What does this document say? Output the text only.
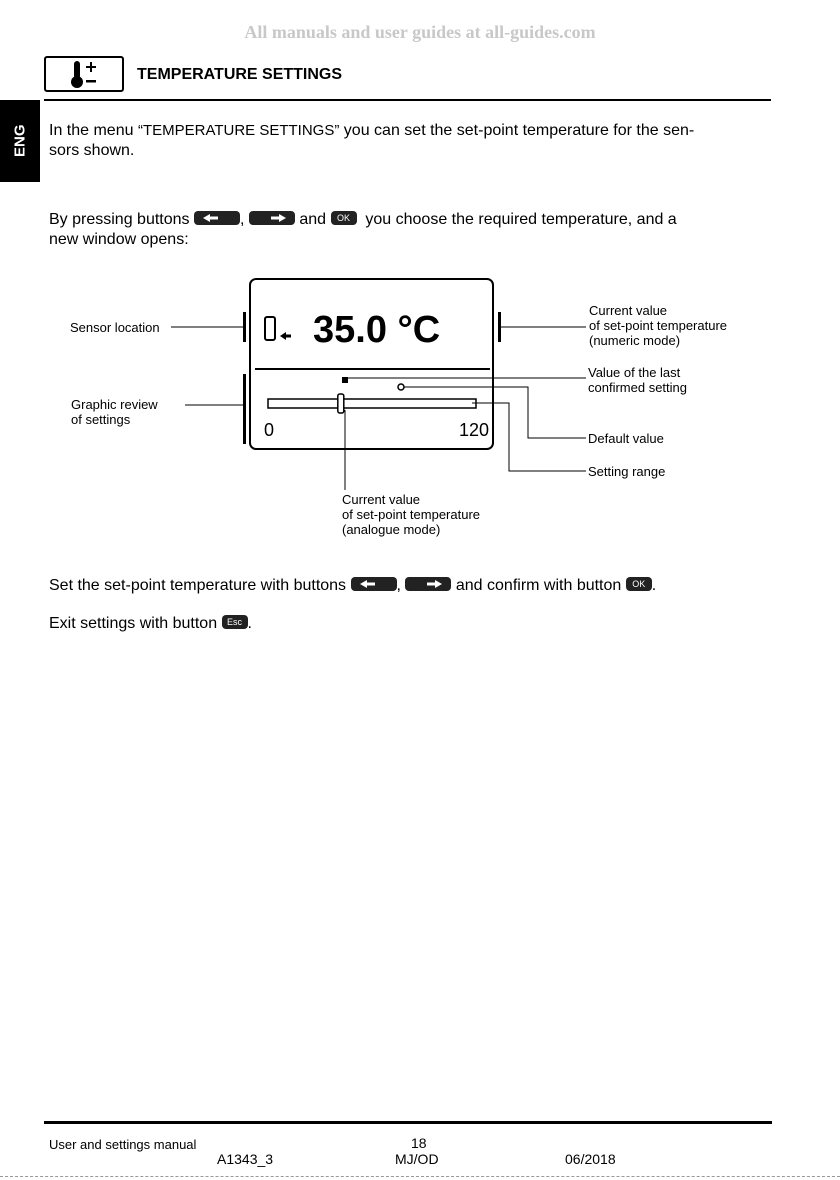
All manuals and user guides at all-guides.com
TEMPERATURE SETTINGS
ENG	In the menu “TEMPERATURE SETTINGS” you can set the set-point temperature for the sen-
sors shown.
By pressing buttons	,	and OK you choose the required temperature, and a
new window opens:
35.0 °C
0	120
Sensor location
Graphic review
of settings
Current value
of set-point temperature
(numeric mode)
Value of the last
confirmed setting
Default value
Setting range
Current value
of set-point temperature
(analogue mode)
Set the set-point temperature with buttons	,	and confirm with button OK .
Exit settings with button Esc .
User and settings manual	18
A1343_3	MJ/OD	06/2018
